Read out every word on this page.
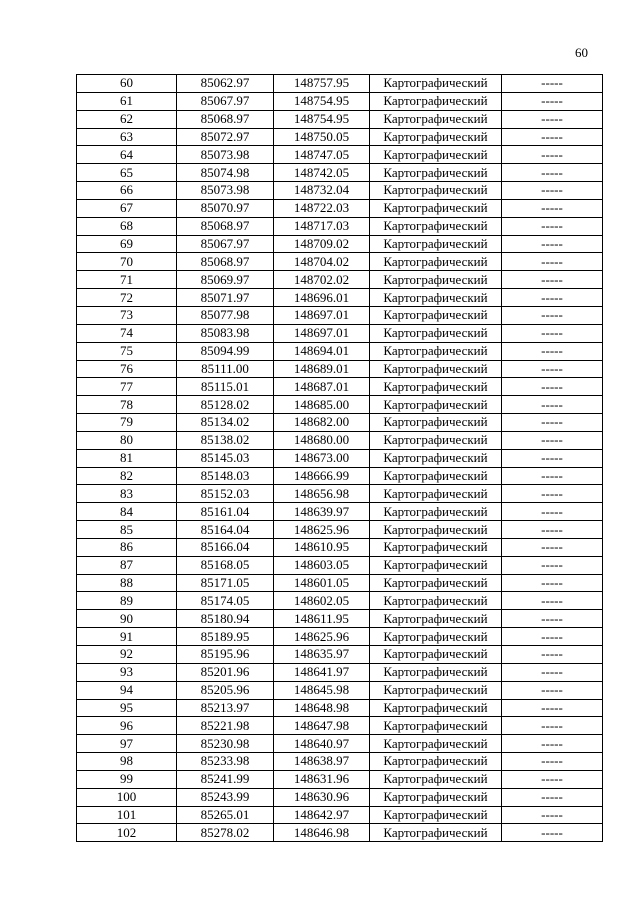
60
60	85062.97	148757.95	Картографический	-----
61	85067.97	148754.95	Картографический	-----
62	85068.97	148754.95	Картографический	-----
63	85072.97	148750.05	Картографический	-----
64	85073.98	148747.05	Картографический	-----
65	85074.98	148742.05	Картографический	-----
66	85073.98	148732.04	Картографический	-----
67	85070.97	148722.03	Картографический	-----
68	85068.97	148717.03	Картографический	-----
69	85067.97	148709.02	Картографический	-----
70	85068.97	148704.02	Картографический	-----
71	85069.97	148702.02	Картографический	-----
72	85071.97	148696.01	Картографический	-----
73	85077.98	148697.01	Картографический	-----
74	85083.98	148697.01	Картографический	-----
75	85094.99	148694.01	Картографический	-----
76	85111.00	148689.01	Картографический	-----
77	85115.01	148687.01	Картографический	-----
78	85128.02	148685.00	Картографический	-----
79	85134.02	148682.00	Картографический	-----
80	85138.02	148680.00	Картографический	-----
81	85145.03	148673.00	Картографический	-----
82	85148.03	148666.99	Картографический	-----
83	85152.03	148656.98	Картографический	-----
84	85161.04	148639.97	Картографический	-----
85	85164.04	148625.96	Картографический	-----
86	85166.04	148610.95	Картографический	-----
87	85168.05	148603.05	Картографический	-----
88	85171.05	148601.05	Картографический	-----
89	85174.05	148602.05	Картографический	-----
90	85180.94	148611.95	Картографический	-----
91	85189.95	148625.96	Картографический	-----
92	85195.96	148635.97	Картографический	-----
93	85201.96	148641.97	Картографический	-----
94	85205.96	148645.98	Картографический	-----
95	85213.97	148648.98	Картографический	-----
96	85221.98	148647.98	Картографический	-----
97	85230.98	148640.97	Картографический	-----
98	85233.98	148638.97	Картографический	-----
99	85241.99	148631.96	Картографический	-----
100	85243.99	148630.96	Картографический	-----
101	85265.01	148642.97	Картографический	-----
102	85278.02	148646.98	Картографический	-----
